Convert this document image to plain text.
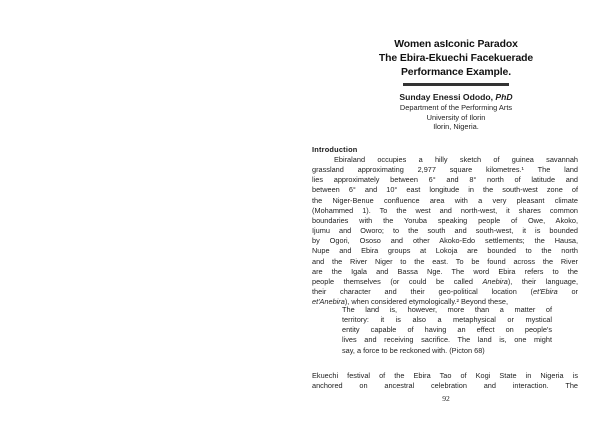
Women asIconic Paradox
The Ebira-Ekuechi Facekuerade
Performance Example.
Sunday Enessi Ododo, PhD
Department of the Performing Arts
University of Ilorin
Ilorin, Nigeria.
Introduction
Ebiraland occupies a hilly sketch of guinea savannah
grassland approximating 2,977 square kilometres.¹ The land
lies approximately between 6° and 8° north of latitude and
between 6° and 10° east longitude in the south-west zone of
the Niger-Benue confluence area with a very pleasant climate
(Mohammed 1). To the west and north-west, it shares common
boundaries with the Yoruba speaking people of Owe, Akoko,
Ijumu and Oworo; to the south and south-west, it is bounded
by Ogori, Ososo and other Akoko-Edo settlements; the Hausa,
Nupe and Ebira groups at Lokoja are bounded to the north
and the River Niger to the east. To be found across the River
are the Igala and Bassa Nge. The word Ebira refers to the
people themselves (or could be called Anebira), their language,
their character and their geo-political location (et'Ebira or
et'Anebira), when considered etymologically.² Beyond these,
The land is, however, more than a matter of
territory: it is also a metaphysical or mystical
entity capable of having an effect on people's
lives and receiving sacrifice. The land is, one might
say, a force to be reckoned with. (Picton 68)
Ekuechi festival of the Ebira Tao of Kogi State in Nigeria is
anchored on ancestral celebration and interaction. The
92
